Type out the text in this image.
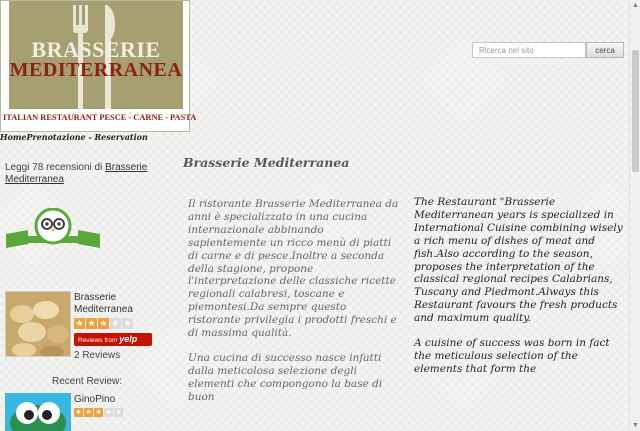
BRASSERIE
MEDITERRANEA
ITALIAN RESTAURANT PESCE - CARNE - PASTA
HomePrenotazione - Reservation
Ricerca nel sito
cerca
▲
▼
Leggi 78 recensioni di Brasserie Mediterranea
Brasserie Mediterranea
★ ★ ★ ★ ★
Reviews from yelp
2 Reviews
Recent Review:
GinoPino
★ ★ ★ ★ ★
Brasserie Mediterranea

Il ristorante Brasserie Mediterranea da anni è specializzato in una cucina internazionale abbinando sapientemente un ricco menù di piatti di carne e di pesce.Inoltre a seconda della stagione, propone l'interpretazione delle classiche ricette regionali calabresi, toscane e piemontesi.Da sempre questo ristorante privilegia i prodotti freschi e di massima qualità.

Una cucina di successo nasce infatti dalla meticolosa selezione degli elementi che compongono la base di buon

The Restaurant "Brasserie Mediterranean years is specialized in International Cuisine combining wisely a rich menu of dishes of meat and fish.Also according to the season, proposes the interpretation of the classical regional recipes Calabrians, Tuscany and Piedmont.Always this Restaurant favours the fresh products and maximum quality.

A cuisine of success was born in fact the meticulous selection of the elements that form the
